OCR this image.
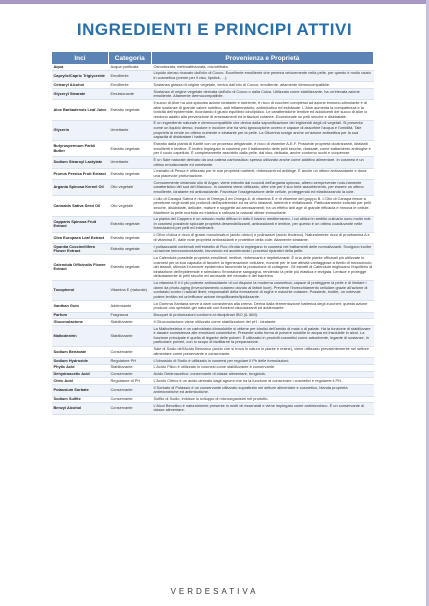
INGREDIENTI E PRINCIPI ATTIVI
Inci	Categoria	Provenienza e Proprietà
Aqua	Acqua purificata	Osmotizzata, elettroattivizzata, microfiltrata.
Caprylic/Capric Triglyceride	Emolliente	Liquido oleoso ricavato dall'olio di Cocco. Eccellente emolliente che penetra velocemente nella pelle, per questo è molto usato in cosmetica (creme per il viso, lipstick, ...).
Cetearyl Alcohol	Emolliente	Sostanza grassa di origine vegetale, deriva dall'olio di Cocco; emolliente, altamente dermocompatibile.
Glyceryl Stearate	Emulsionante	Sostanza di origine vegetale derivata dall'olio di Cocco o dalla Colza. Utilizzato come stabilizzante, ha un'elevata azione emolliente. Altamente dermocompatibile.
Aloe Barbadensis Leaf Juice	Estratto vegetale
Il succo di Aloe ha una spiccata azione idratante e nutriente, è ricco di zuccheri complessi ad azione immuno-stimolante e di altre sostanze di grande valore nutritivo, anti infiammatorio, antimicotico ed esfoliante. L'Aloe aumenta la compattezza e la tonicità dell'epidermide, ricordando il giusto equilibrio idrolipidico. Le caratteristiche lenitive ed addolcenti del succo di aloe lo rendono adatto alla prevenzione di arrossamenti ed irritazioni cutanee. Eccezionale su pelli secche e disidratate.
Glycerin	Umettante
È un ingrediente naturale e dermocompatibile che deriva dalla saponificazione dei trigliceridi degli oli vegetali. Si presenta come un liquido denso, inodore e incolore che ha virtù igroscopiche ovvero è capace di assorbire l'acqua e l'umidità. Tale proprietà la rende un ottimo nutriente e idratante per la pelle. La Glicerina svolge anche un'azione antisettica per la sua capacità di disidratare i batteri.
Butyrospermum Parkii Butter	Estratto vegetale
Estratto dalla pianta di Karitè con un processo artigianale, è ricco di vitamine A-E-F. Possiede proprietà cicatrizzanti, idratanti emollienti e lenitive. È inoltre impiegato in cosmesi per il trattamento delle pelli secche, rilassate, come trattamento antirughe e per il cuoio capelluto. È completamente assorbito dalla pelle, dal viso, delicata, anche contorno occhi e cuoperose.
Sodium Stearoyl Lactylate	Umettante	È un Sale naturale derivato da una catena carbossilica; spesso utilizzato anche come additivo alimentare. In cosmesi è un ottimo emulsionante ed umettante.
Prunus Persica Fruit Extract	Estratto vegetale	L'estratto di Pesca è utilizzato per le sue proprietà nutrienti, rinfrescanti ed antifage. È anche un ottimo antiossidante e dona una piacevole profumazione.
Argania Spinosa Kernel Oil	Olio vegetale
Comunemente chiamato olio di Argan, viene estratto dai noccioli dell'argania spinosa, albero sempreverde noto-riamente caratteristico del sud del Marocco. In cosmesi viene utilizzato, oltre che per il suo forte assorbimento, per essere un ottimo emolliente, idratante ed antiossidante. Favorisce l'ossigenazione delle cellule, proteggendo ed elasticizzando la cute.
Cannabis Sativa Seed Oil	Olio vegetale
L'olio di Canapa Sativa è ricco di Omega-3 ed Omega-6, di vitamina E e di vitamine del gruppo B. L'Olio di Canapa riesce a penetrare negli strati più profondi dell'epidermide ed ha virtù idratanti, nutrienti e rivitalizzanti. Particolarmente indicato per pelli secche, disidratate, delicate, mature e soggette ad arrossamenti; ha un effetto anti age di grande efficacia e rinnova le cellule. Mantiene la pelle morbida ed elastica e rafforza le naturali difese immunitarie.
Capparis Spinosa Fruit Extract	Estratto vegetale
La pianta del Cappero è un arbusto molto diffuso in tutto il bacino mediterraneo, i cui utilizzi in ambito culinario sono molto noti. In cosmesi possiede spiccate proprietà desensibilizzanti, antiossidanti e lenitive, per questo è un ottimo coadiuvante nelle formulazioni per pelli ed intolleranti.
Olea Europaea Leaf Extract	Estratto vegetale	L'Olivo d'oliva è ricco di grassi monoinsaturi (acido oleico) e polinsaturi (acido linoleico). Naturalmente ricco di provitamina A e di vitamina E, dalle note proprietà antiossidanti e protettive della cute. Altamente idratante.
Opuntia Coccinellifera Flower Extract	Estratto vegetale	I polisaccaridi contenuti nell'estratto di Fico d'India si impiegano in cosmesi nei trattamenti delle normalizzanti. Svolgono inoltre un'azione immunomodulante, favorendo ed accelerando i processi riparativi della pelle.
Calendula Officinalis Flower Extract	Estratto vegetale
La Calendula possiede proprietà emollienti, lenitive, rinfrescanti e riepitelizzanti. È una delle piante officinali più utilizzate in cosmesi per la sua capacità di favorire la rigenerazione cellulare, nonché per le sue attività vantaggiose a livello di microcircolo dei tessuti, stimola il turnover epidermico favorendo la produzione di collagene. Gli estratti di Calendula migliorano l'equilibrio di idratazione dell'epidermide e stimolano l'irrorazione sanguigna, rendendo la pelle più elastica e levigata. Lenisce e protegge delicatamente le pelli secche ed arrossate del neonato e del bambino.
Tocopherol	Vitamina E (naturale)
La vitamina E è il più potente antiossidante di cui dispone la moderna cosmetica; capace di proteggere la pelle e di limitare i danni da photo-aging (invecchiamento cutaneo dovuto ai fattori luce). Previene l'invecchiamento cellulare grazie all'azione di contrasto contro i radicali liberi; responsabili della formazione di rughe e macchie cutanee. Possiede, inoltre, un notevole potere lenitivo ed un'efficace azione riequilibrante/lipidizzante.
Xanthan Gum	Addensante	La Gomma Xantana serve a dare consistenza alla crema. Deriva dalla fermentazione batterica degli zuccheri; questa azione produce uno speciale gel naturale con funzioni viscosizzanti ed addensante.
Parfum	Fragranza	Bouquet di profumazioni conformi ai disciplinari IBO (& IAM).
Gluconolactone	Stabilizzante	Il Gluconolactone viene utilizzato come stabilizzatore del pH - idratante.
Maltodextrin	Stabilizzante
La Maltodestrina è un carboidrato idrosolubile si ottiene per idrolisi dell'amido di mais o di patate. Ha la funzione di stabilizzare e dasare consistenza alle emulsioni cosmetiche. Presente sotto forma di polvere solubile in acqua ed insolubile in alcol. La funzione principale è quella di legante delle polveri. È utilizzato in prodotti cosmetici come adsorbente, legante di sostanze, in particolare polveri, con lo scopo di facilitarne la preparazione.
Sodium Benzoate	Conservante	Sale di Sodio dell'Acido Benzoico (acido che si trova in natura in piante e resine), viene utilizzato prevalentemente nel settore alimentare come preservante e conservante.
Sodium Hydroxide	Regolatore PH	L'Idrossido di Sodio è utilizzato in cosmesi per regolare il Ph delle formulazioni.
Phytic Acid	Stabilizzante	L'Acido Fitico è utilizzato in cosmesi come stabilizzante e conservante.
Dehydroacetic Acid	Conservante	Acido Deidroacetico: conservante di classe alimentare, fungicida.
Citric Acid	Regolatore di PH	L'Acido Citrico è un acido derivato dagli agrumi che ha la funzione di conservare i cosmetici e regolarne il PH.
Potassium Sorbate	Conservante	Il Sorbato di Potassio è un conservante utilizzato soprattutto nel settore alimentare e cosmetico, blanda proprietà antimicrobiche ed antimicotiche.
Sodium Sulfite	Conservante	Solfito di Sodio, imbisce lo sviluppo di microorganismi nel prodotto.
Benzyl Alcohol	Conservante	L'Alcol Benzilico è naturalmente presente in molti oli essenziali e viene impiegato come antimicrobico. È un conservante di classe alimentare.
VERDESATIVA
